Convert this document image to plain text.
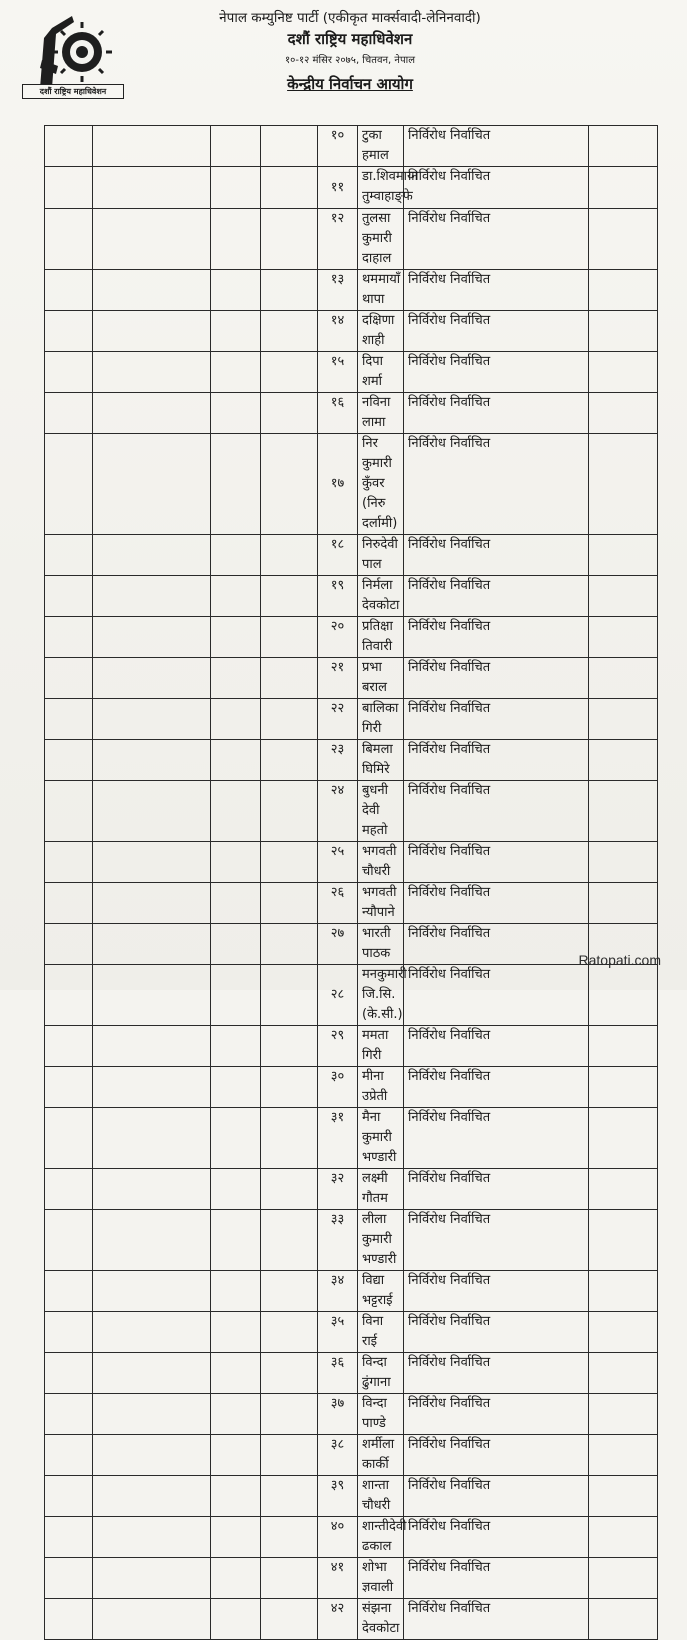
दशौं राष्ट्रिय महाधिवेशन
नेपाल कम्युनिष्ट पार्टी (एकीकृत मार्क्सवादी-लेनिनवादी)
दशौं राष्ट्रिय महाधिवेशन
१०-१२ मंसिर २०७५, चितवन, नेपाल
केन्द्रीय निर्वाचन आयोग
				१०	टुका हमाल	निर्विरोध निर्वाचित	
				११	डा.शिवमाया तुम्वाहाङ्फे	निर्विरोध निर्वाचित	
				१२	तुलसा कुमारी दाहाल	निर्विरोध निर्वाचित	
				१३	थममायाँ थापा	निर्विरोध निर्वाचित	
				१४	दक्षिणा शाही	निर्विरोध निर्वाचित	
				१५	दिपा शर्मा	निर्विरोध निर्वाचित	
				१६	नविना लामा	निर्विरोध निर्वाचित	
				१७	निर कुमारी कुँवर (निरु दर्लामी)	निर्विरोध निर्वाचित	
				१८	निरुदेवी पाल	निर्विरोध निर्वाचित	
				१९	निर्मला देवकोटा	निर्विरोध निर्वाचित	
				२०	प्रतिक्षा तिवारी	निर्विरोध निर्वाचित	
				२१	प्रभा बराल	निर्विरोध निर्वाचित	
				२२	बालिका गिरी	निर्विरोध निर्वाचित	
				२३	बिमला घिमिरे	निर्विरोध निर्वाचित	
				२४	बुधनी देवी महतो	निर्विरोध निर्वाचित	
				२५	भगवती चौधरी	निर्विरोध निर्वाचित	
				२६	भगवती न्यौपाने	निर्विरोध निर्वाचित	
				२७	भारती पाठक	निर्विरोध निर्वाचित	
				२८	मनकुमारी जि.सि. (के.सी.)	निर्विरोध निर्वाचित	
				२९	ममता गिरी	निर्विरोध निर्वाचित	
				३०	मीना उप्रेती	निर्विरोध निर्वाचित	
				३१	मैना कुमारी भण्डारी	निर्विरोध निर्वाचित	
				३२	लक्ष्मी गौतम	निर्विरोध निर्वाचित	
				३३	लीला कुमारी भण्डारी	निर्विरोध निर्वाचित	
				३४	विद्या भट्टराई	निर्विरोध निर्वाचित	
				३५	विना राई	निर्विरोध निर्वाचित	
				३६	विन्दा ढुंगाना	निर्विरोध निर्वाचित	
				३७	विन्दा पाण्डे	निर्विरोध निर्वाचित	
				३८	शर्मीला कार्की	निर्विरोध निर्वाचित	
				३९	शान्ता चौधरी	निर्विरोध निर्वाचित	
				४०	शान्तीदेवी ढकाल	निर्विरोध निर्वाचित	
				४१	शोभा ज्ञवाली	निर्विरोध निर्वाचित	
				४२	संझना देवकोटा	निर्विरोध निर्वाचित	
Ratopati.com
